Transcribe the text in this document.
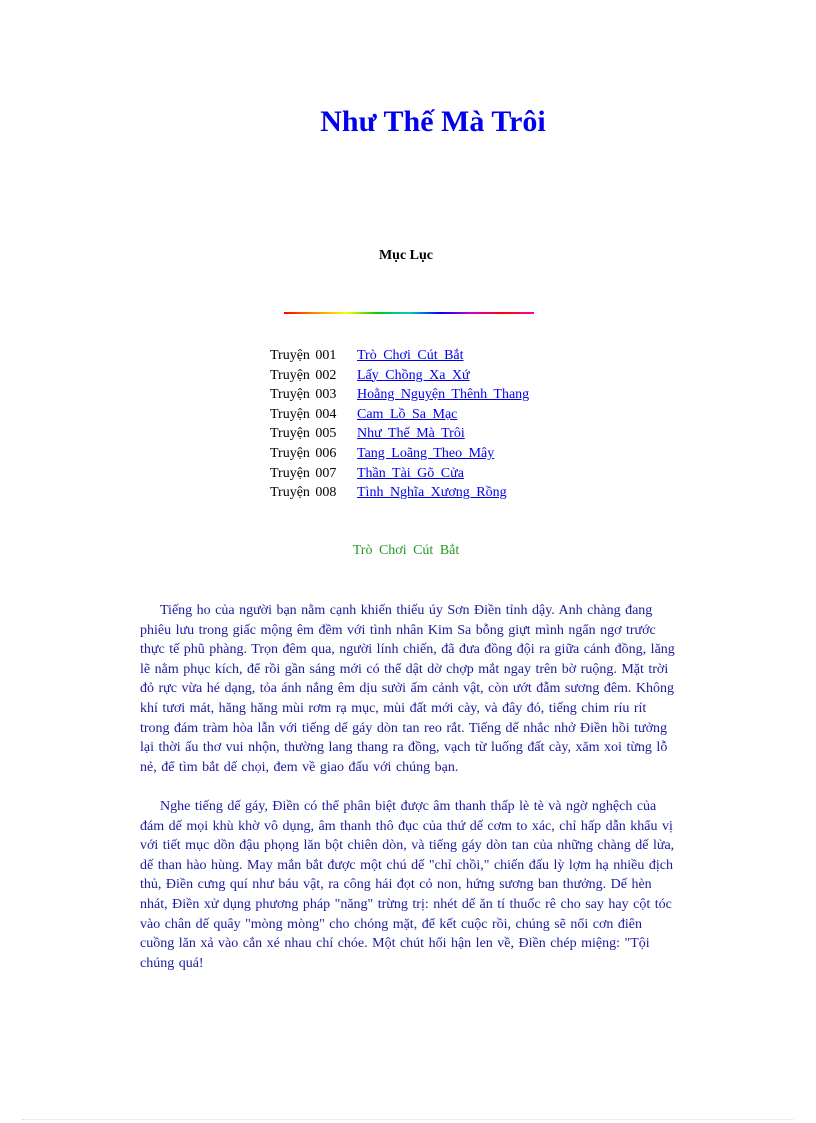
Như Thế Mà Trôi
Mục Lục
Truyện 001 Trò Chơi Cút Bắt
Truyện 002 Lấy Chồng Xa Xứ
Truyện 003 Hoằng Nguyện Thênh Thang
Truyện 004 Cam Lồ Sa Mạc
Truyện 005 Như Thế Mà Trôi
Truyện 006 Tang Loãng Theo Mây
Truyện 007 Thần Tài Gõ Cửa
Truyện 008 Tình Nghĩa Xương Rồng
Trò Chơi Cút Bắt

Tiếng ho của người bạn nằm cạnh khiến thiếu úy Sơn Điền tỉnh dậy. Anh chàng đang phiêu lưu trong giấc mộng êm đềm với tình nhân Kim Sa bỗng giựt mình ngẩn ngơ trước thực tế phũ phàng. Trọn đêm qua, người lính chiến, đã đưa đồng đội ra giữa cánh đồng, lăng lẽ nằm phục kích, để rồi gần sáng mới có thể dật dờ chợp mắt ngay trên bờ ruộng. Mặt trời đỏ rực vừa hé dạng, tỏa ánh nắng êm dịu sưởi ấm cảnh vật, còn ướt đẫm sương đêm. Không khí tươi mát, hăng hăng mùi rơm rạ mục, mùi đất mới cày, và đây đó, tiếng chim ríu rít trong đám tràm hòa lẫn với tiếng dế gáy dòn tan reo rắt. Tiếng dế nhắc nhở Điền hồi tưởng lại thời ấu thơ vui nhộn, thường lang thang ra đồng, vạch từ luống đất cày, xăm xoi từng lỗ nẻ, để tìm bắt dế chọi, đem về giao đấu với chúng bạn.

Nghe tiếng dế gáy, Điền có thể phân biệt được âm thanh thấp lè tè và ngờ nghệch của đám dế mọi khù khờ vô dụng, âm thanh thô đục của thứ dế cơm to xác, chỉ hấp dẫn khẩu vị với tiết mục dồn đậu phọng lăn bột chiên dòn, và tiếng gáy dòn tan của những chàng dế lửa, dế than hào hùng. May mắn bắt được một chú dế "chỉ chồi," chiến đấu lỳ lợm hạ nhiều địch thủ, Điền cưng quí như báu vật, ra công hái đọt cỏ non, hứng sương ban thưởng. Dế hèn nhát, Điền xử dụng phương pháp "năng" trừng trị: nhét dế ăn tí thuốc rê cho say hay cột tóc vào chân dế quây "mòng mòng" cho chóng mặt, để kết cuộc rồi, chúng sẽ nổi cơn điên cuồng lăn xả vào cắn xé nhau chí chóe. Một chút hối hận len về, Điền chép miệng: "Tội chúng quá!
